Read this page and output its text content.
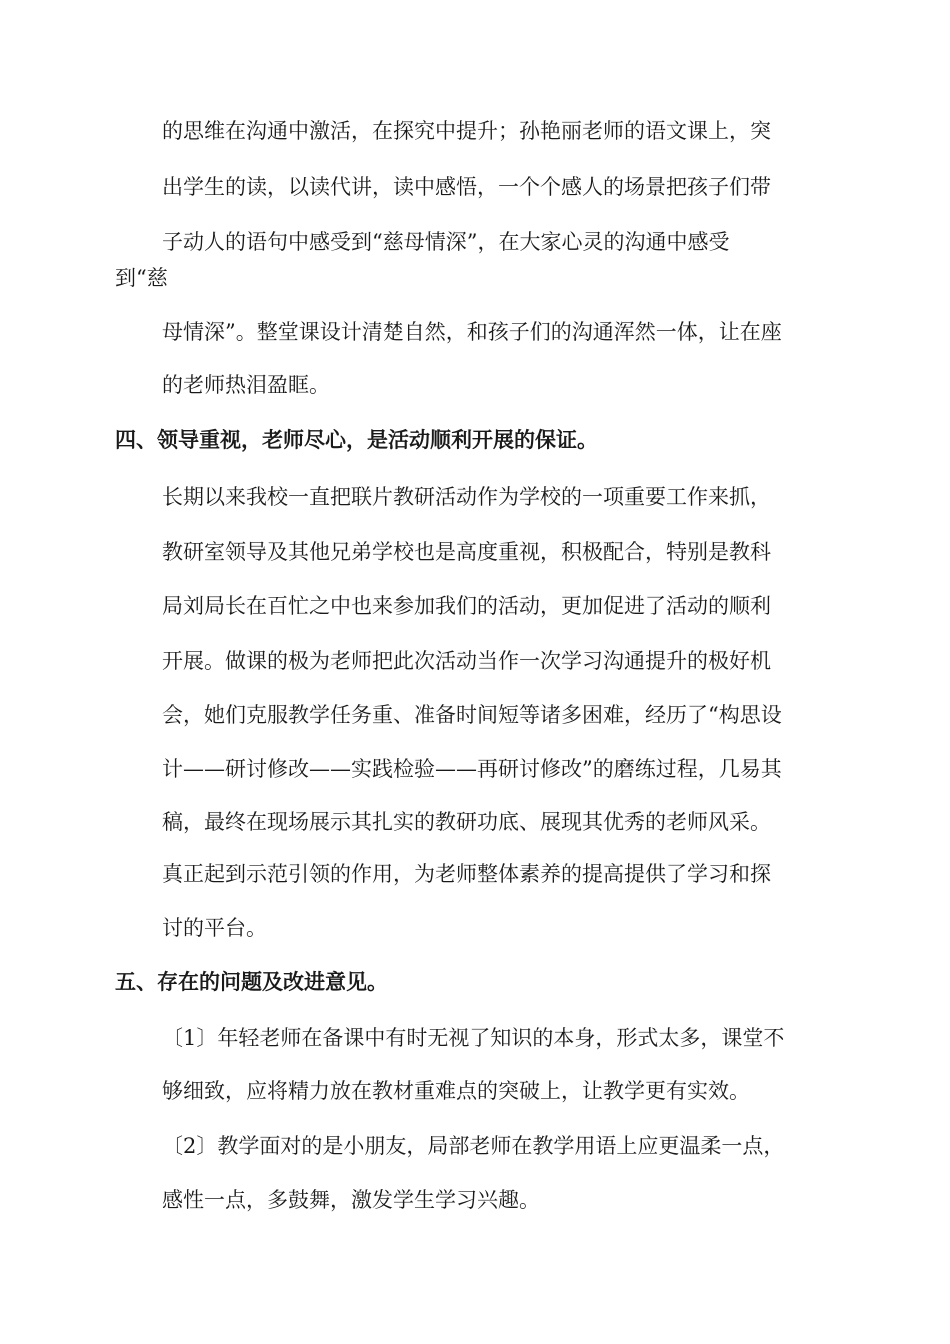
的思维在沟通中激活，在探究中提升；孙艳丽老师的语文课上，突
出学生的读，以读代讲，读中感悟，一个个感人的场景把孩子们带
子动人的语句中感受到“慈母情深”，在大家心灵的沟通中感受
到“慈
母情深”。整堂课设计清楚自然，和孩子们的沟通浑然一体，让在座
的老师热泪盈眶。
四、领导重视，老师尽心，是活动顺利开展的保证。
长期以来我校一直把联片教研活动作为学校的一项重要工作来抓，
教研室领导及其他兄弟学校也是高度重视，积极配合，特别是教科
局刘局长在百忙之中也来参加我们的活动，更加促进了活动的顺利
开展。做课的极为老师把此次活动当作一次学习沟通提升的极好机
会，她们克服教学任务重、准备时间短等诸多困难，经历了“构思设
计——研讨修改——实践检验——再研讨修改”的磨练过程，几易其
稿，最终在现场展示其扎实的教研功底、展现其优秀的老师风采。
真正起到示范引领的作用，为老师整体素养的提高提供了学习和探
讨的平台。
五、存在的问题及改进意见。
〔1〕年轻老师在备课中有时无视了知识的本身，形式太多，课堂不
够细致，应将精力放在教材重难点的突破上，让教学更有实效。
〔2〕教学面对的是小朋友，局部老师在教学用语上应更温柔一点，
感性一点，多鼓舞，激发学生学习兴趣。
